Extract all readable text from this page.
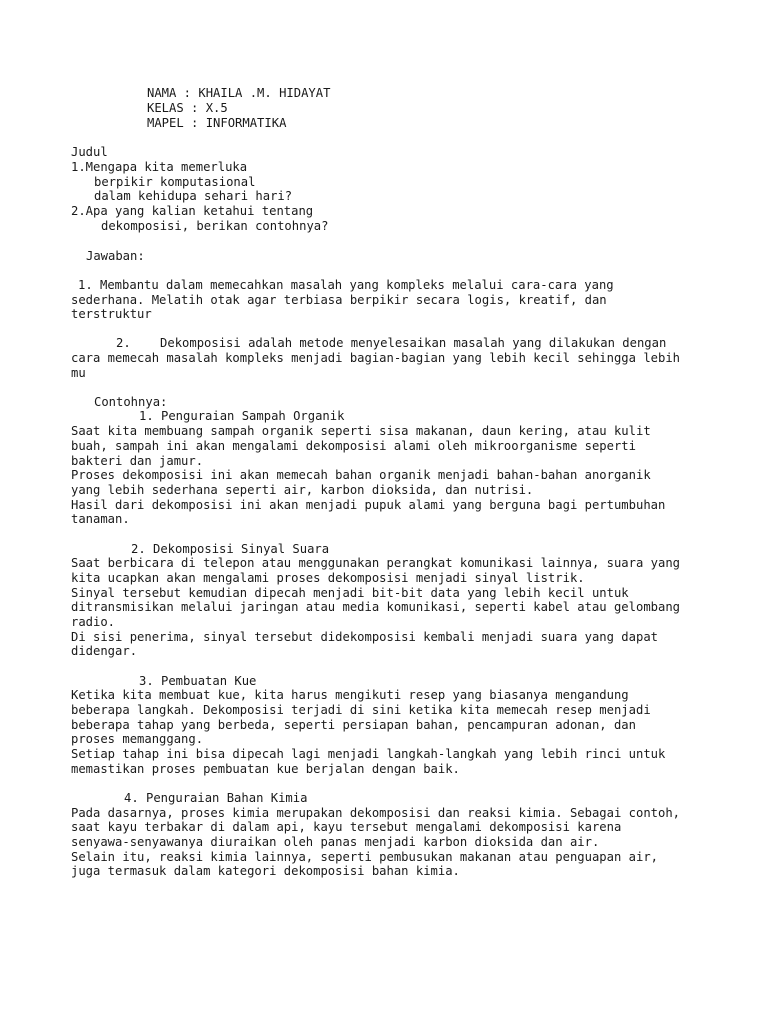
NAMA : KHAILA .M. HIDAYAT

KELAS : X.5

MAPEL : INFORMATIKA

Judul

1.Mengapa kita memerluka

berpikir komputasional

dalam kehidupa sehari hari?

2.Apa yang kalian ketahui tentang

dekomposisi, berikan contohnya?

Jawaban:

1. Membantu dalam memecahkan masalah yang kompleks melalui cara-cara yang

sederhana. Melatih otak agar terbiasa berpikir secara logis, kreatif, dan

terstruktur

2.    Dekomposisi adalah metode menyelesaikan masalah yang dilakukan dengan

cara memecah masalah kompleks menjadi bagian-bagian yang lebih kecil sehingga lebih

mu

Contohnya:

1. Penguraian Sampah Organik

Saat kita membuang sampah organik seperti sisa makanan, daun kering, atau kulit

buah, sampah ini akan mengalami dekomposisi alami oleh mikroorganisme seperti

bakteri dan jamur.

Proses dekomposisi ini akan memecah bahan organik menjadi bahan-bahan anorganik

yang lebih sederhana seperti air, karbon dioksida, dan nutrisi.

Hasil dari dekomposisi ini akan menjadi pupuk alami yang berguna bagi pertumbuhan

tanaman.

2. Dekomposisi Sinyal Suara

Saat berbicara di telepon atau menggunakan perangkat komunikasi lainnya, suara yang

kita ucapkan akan mengalami proses dekomposisi menjadi sinyal listrik.

Sinyal tersebut kemudian dipecah menjadi bit-bit data yang lebih kecil untuk

ditransmisikan melalui jaringan atau media komunikasi, seperti kabel atau gelombang

radio.

Di sisi penerima, sinyal tersebut didekomposisi kembali menjadi suara yang dapat

didengar.

3. Pembuatan Kue

Ketika kita membuat kue, kita harus mengikuti resep yang biasanya mengandung

beberapa langkah. Dekomposisi terjadi di sini ketika kita memecah resep menjadi

beberapa tahap yang berbeda, seperti persiapan bahan, pencampuran adonan, dan

proses memanggang.

Setiap tahap ini bisa dipecah lagi menjadi langkah-langkah yang lebih rinci untuk

memastikan proses pembuatan kue berjalan dengan baik.

4. Penguraian Bahan Kimia

Pada dasarnya, proses kimia merupakan dekomposisi dan reaksi kimia. Sebagai contoh,

saat kayu terbakar di dalam api, kayu tersebut mengalami dekomposisi karena

senyawa-senyawanya diuraikan oleh panas menjadi karbon dioksida dan air.

Selain itu, reaksi kimia lainnya, seperti pembusukan makanan atau penguapan air,

juga termasuk dalam kategori dekomposisi bahan kimia.
